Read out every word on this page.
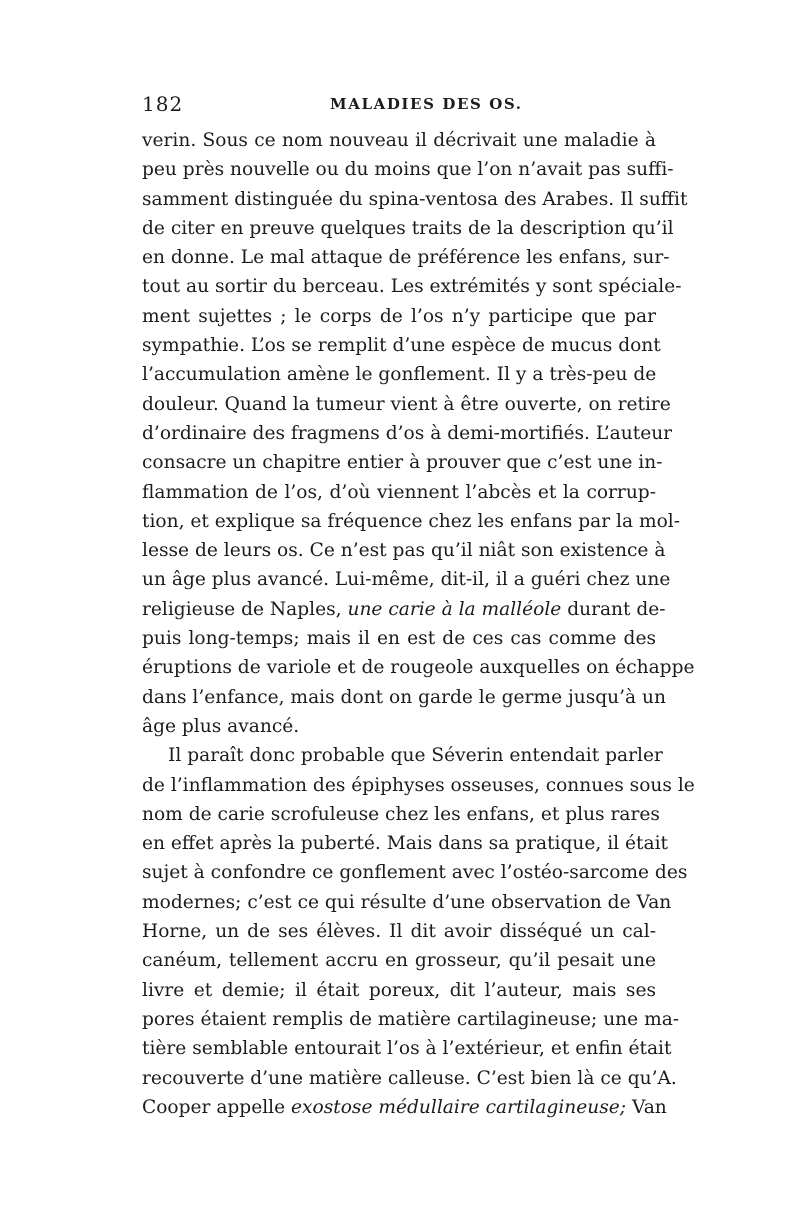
182	MALADIES DES OS.
verin. Sous ce nom nouveau il décrivait une maladie à
peu près nouvelle ou du moins que l’on n’avait pas suffi-
samment distinguée du spina-ventosa des Arabes. Il suffit
de citer en preuve quelques traits de la description qu’il
en donne. Le mal attaque de préférence les enfans, sur-
tout au sortir du berceau. Les extrémités y sont spéciale-
ment sujettes ; le corps de l’os n’y participe que par
sympathie. L’os se remplit d’une espèce de mucus dont
l’accumulation amène le gonflement. Il y a très-peu de
douleur. Quand la tumeur vient à être ouverte, on retire
d’ordinaire des fragmens d’os à demi-mortifiés. L’auteur
consacre un chapitre entier à prouver que c’est une in-
flammation de l’os, d’où viennent l’abcès et la corrup-
tion, et explique sa fréquence chez les enfans par la mol-
lesse de leurs os. Ce n’est pas qu’il niât son existence à
un âge plus avancé. Lui-même, dit-il, il a guéri chez une
religieuse de Naples, une carie à la malléole durant de-
puis long-temps; mais il en est de ces cas comme des
éruptions de variole et de rougeole auxquelles on échappe
dans l’enfance, mais dont on garde le germe jusqu’à un
âge plus avancé.
Il paraît donc probable que Séverin entendait parler
de l’inflammation des épiphyses osseuses, connues sous le
nom de carie scrofuleuse chez les enfans, et plus rares
en effet après la puberté. Mais dans sa pratique, il était
sujet à confondre ce gonflement avec l’ostéo-sarcome des
modernes; c’est ce qui résulte d’une observation de Van
Horne, un de ses élèves. Il dit avoir disséqué un cal-
canéum, tellement accru en grosseur, qu’il pesait une
livre et demie; il était poreux, dit l’auteur, mais ses
pores étaient remplis de matière cartilagineuse; une ma-
tière semblable entourait l’os à l’extérieur, et enfin était
recouverte d’une matière calleuse. C’est bien là ce qu’A.
Cooper appelle exostose médullaire cartilagineuse; Van
